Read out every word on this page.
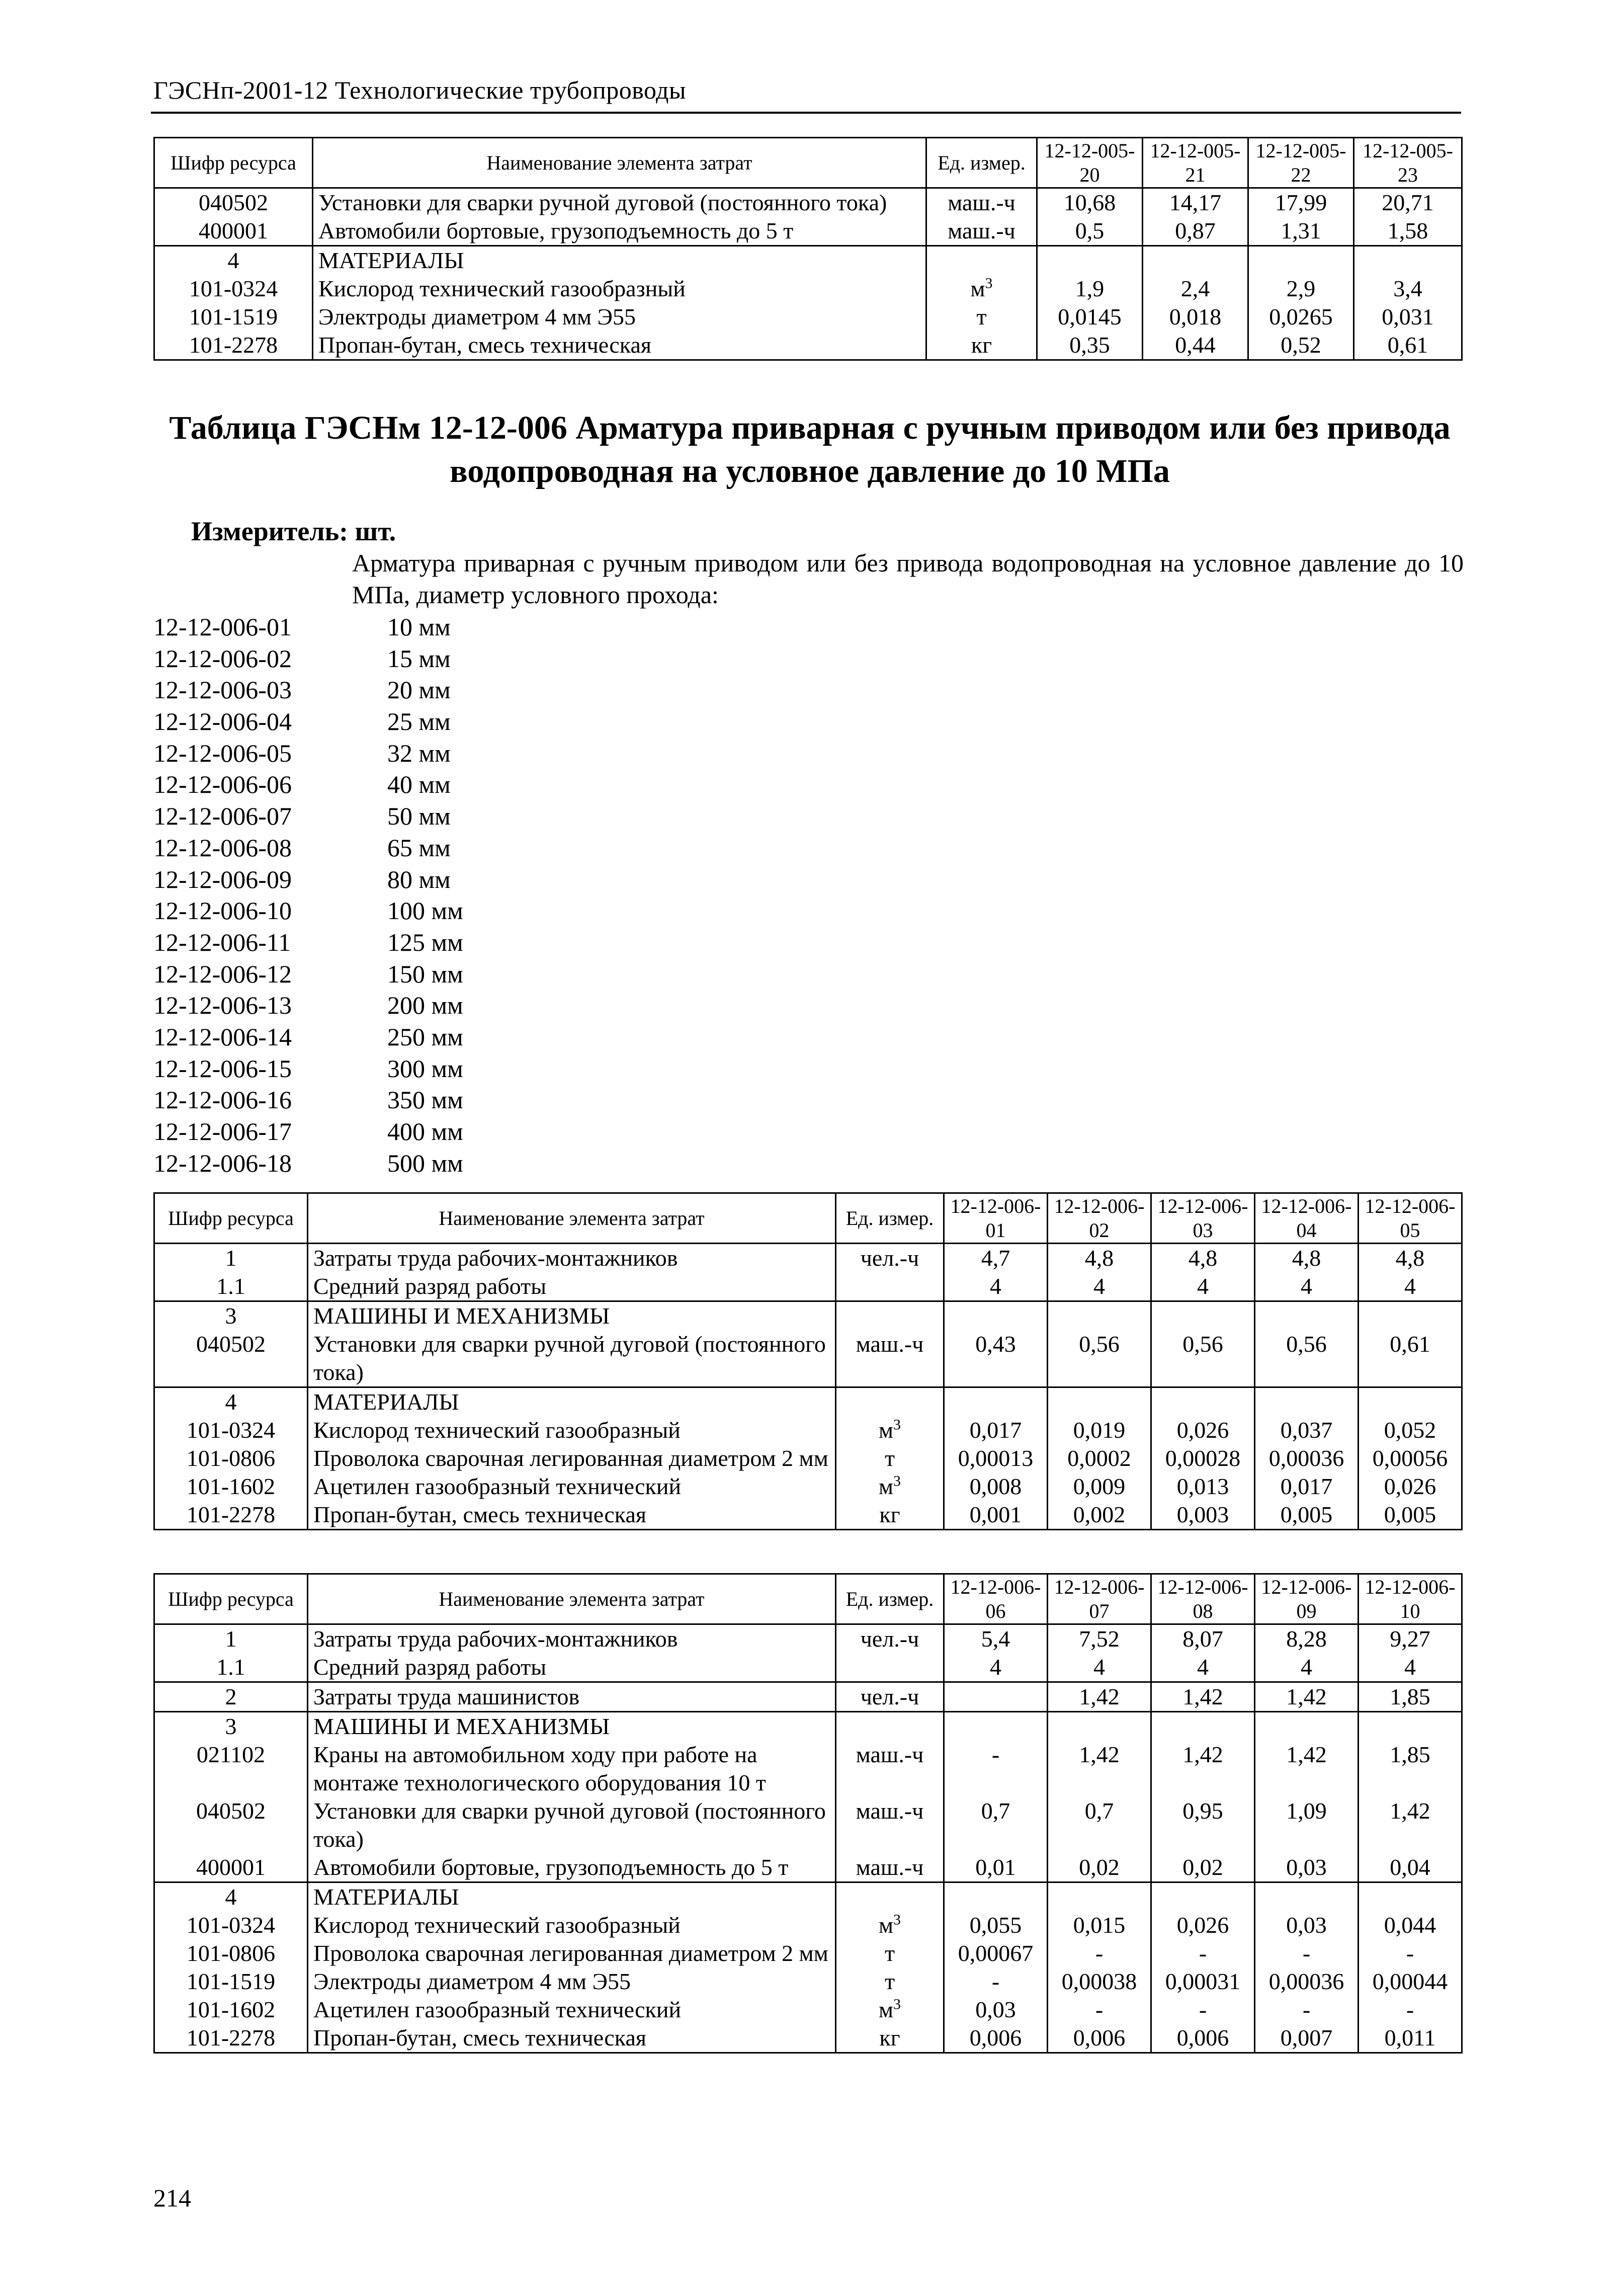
ГЭСНп-2001-12 Технологические трубопроводы
Шифр ресурса	Наименование элемента затрат	Ед. измер.	12-12-005-20	12-12-005-21	12-12-005-22	12-12-005-23
040502	Установки для сварки ручной дуговой (постоянного тока)	маш.-ч	10,68	14,17	17,99	20,71
400001	Автомобили бортовые, грузоподъемность до 5 т	маш.-ч	0,5	0,87	1,31	1,58
4	МАТЕРИАЛЫ					
101-0324	Кислород технический газообразный	$м^3$	1,9	2,4	2,9	3,4
101-1519	Электроды диаметром 4 мм Э55	т	0,0145	0,018	0,0265	0,031
101-2278	Пропан-бутан, смесь техническая	кг	0,35	0,44	0,52	0,61
Таблица ГЭСНм 12-12-006 Арматура приварная с ручным приводом или без привода
водопроводная на условное давление до 10 МПа
Измеритель: шт.
Арматура приварная с ручным приводом или без привода водопроводная на условное давление до 10 МПа, диаметр условного прохода:
12-12-006-01	10 мм
12-12-006-02	15 мм
12-12-006-03	20 мм
12-12-006-04	25 мм
12-12-006-05	32 мм
12-12-006-06	40 мм
12-12-006-07	50 мм
12-12-006-08	65 мм
12-12-006-09	80 мм
12-12-006-10	100 мм
12-12-006-11	125 мм
12-12-006-12	150 мм
12-12-006-13	200 мм
12-12-006-14	250 мм
12-12-006-15	300 мм
12-12-006-16	350 мм
12-12-006-17	400 мм
12-12-006-18	500 мм
Шифр ресурса	Наименование элемента затрат	Ед. измер.	12-12-006-01	12-12-006-02	12-12-006-03	12-12-006-04	12-12-006-05
1	Затраты труда рабочих-монтажников	чел.-ч	4,7	4,8	4,8	4,8	4,8
1.1	Средний разряд работы		4	4	4	4	4
3	МАШИНЫ И МЕХАНИЗМЫ						
040502	Установки для сварки ручной дуговой (постоянного тока)	маш.-ч	0,43	0,56	0,56	0,56	0,61
4	МАТЕРИАЛЫ						
101-0324	Кислород технический газообразный	$м^3$	0,017	0,019	0,026	0,037	0,052
101-0806	Проволока сварочная легированная диаметром 2 мм	т	0,00013	0,0002	0,00028	0,00036	0,00056
101-1602	Ацетилен газообразный технический	$м^3$	0,008	0,009	0,013	0,017	0,026
101-2278	Пропан-бутан, смесь техническая	кг	0,001	0,002	0,003	0,005	0,005
Шифр ресурса	Наименование элемента затрат	Ед. измер.	12-12-006-06	12-12-006-07	12-12-006-08	12-12-006-09	12-12-006-10
1	Затраты труда рабочих-монтажников	чел.-ч	5,4	7,52	8,07	8,28	9,27
1.1	Средний разряд работы		4	4	4	4	4
2	Затраты труда машинистов	чел.-ч		1,42	1,42	1,42	1,85
3	МАШИНЫ И МЕХАНИЗМЫ						
021102	Краны на автомобильном ходу при работе на монтаже технологического оборудования 10 т	маш.-ч	-	1,42	1,42	1,42	1,85
040502	Установки для сварки ручной дуговой (постоянного тока)	маш.-ч	0,7	0,7	0,95	1,09	1,42
400001	Автомобили бортовые, грузоподъемность до 5 т	маш.-ч	0,01	0,02	0,02	0,03	0,04
4	МАТЕРИАЛЫ						
101-0324	Кислород технический газообразный	$м^3$	0,055	0,015	0,026	0,03	0,044
101-0806	Проволока сварочная легированная диаметром 2 мм	т	0,00067	-	-	-	-
101-1519	Электроды диаметром 4 мм Э55	т	-	0,00038	0,00031	0,00036	0,00044
101-1602	Ацетилен газообразный технический	$м^3$	0,03	-	-	-	-
101-2278	Пропан-бутан, смесь техническая	кг	0,006	0,006	0,006	0,007	0,011
214
